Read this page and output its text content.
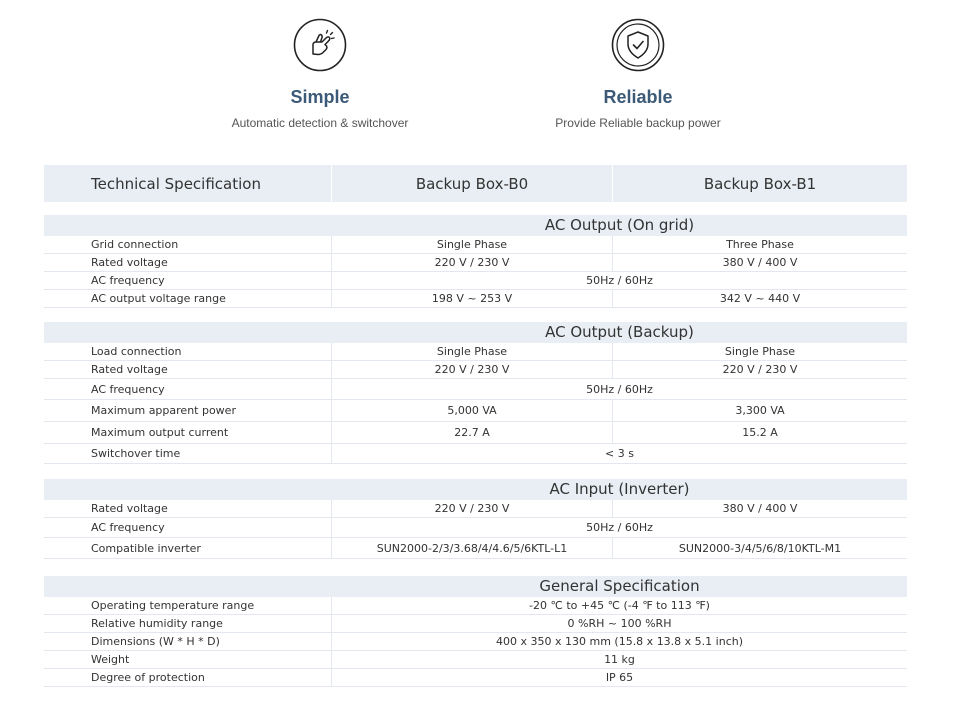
Simple
Automatic detection & switchover
Reliable
Provide Reliable backup power
Technical Specification	Backup Box-B0	Backup Box-B1
AC Output (On grid)
Grid connection	Single Phase	Three Phase
Rated voltage	220 V / 230 V	380 V / 400 V
AC frequency	50Hz / 60Hz
AC output voltage range	198 V ~ 253 V	342 V ~ 440 V
AC Output (Backup)
Load connection	Single Phase	Single Phase
Rated voltage	220 V / 230 V	220 V / 230 V
AC frequency	50Hz / 60Hz
Maximum apparent power	5,000 VA	3,300 VA
Maximum output current	22.7 A	15.2 A
Switchover time	< 3 s
AC Input (Inverter)
Rated voltage	220 V / 230 V	380 V / 400 V
AC frequency	50Hz / 60Hz
Compatible inverter	SUN2000-2/3/3.68/4/4.6/5/6KTL-L1	SUN2000-3/4/5/6/8/10KTL-M1
General Specification
Operating temperature range	-20 ℃ to +45 ℃ (-4 ℉ to 113 ℉)
Relative humidity range	0 %RH ~ 100 %RH
Dimensions (W * H * D)	400 x 350 x 130 mm (15.8 x 13.8 x 5.1 inch)
Weight	11 kg
Degree of protection	IP 65
